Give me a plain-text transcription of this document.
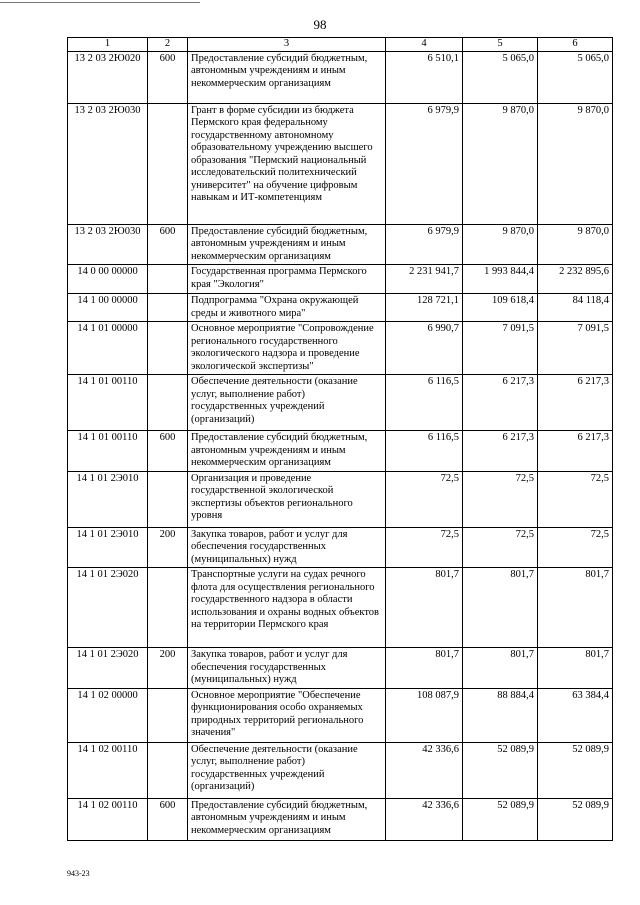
98
1	2	3	4	5	6
13 2 03 2Ю020	600	Предоставление субсидий бюджетным, автономным учреждениям и иным некоммерческим организациям	6 510,1	5 065,0	5 065,0
13 2 03 2Ю030		Грант в форме субсидии из бюджета Пермского края федеральному государственному автономному образовательному учреждению высшего образования "Пермский национальный исследовательский политехнический университет" на обучение цифровым навыкам и ИТ-компетенциям	6 979,9	9 870,0	9 870,0
13 2 03 2Ю030	600	Предоставление субсидий бюджетным, автономным учреждениям и иным некоммерческим организациям	6 979,9	9 870,0	9 870,0
14 0 00 00000		Государственная программа Пермского края "Экология"	2 231 941,7	1 993 844,4	2 232 895,6
14 1 00 00000		Подпрограмма "Охрана окружающей среды и животного мира"	128 721,1	109 618,4	84 118,4
14 1 01 00000		Основное мероприятие "Сопровождение регионального государственного экологического надзора и проведение экологической экспертизы"	6 990,7	7 091,5	7 091,5
14 1 01 00110		Обеспечение деятельности (оказание услуг, выполнение работ) государственных учреждений (организаций)	6 116,5	6 217,3	6 217,3
14 1 01 00110	600	Предоставление субсидий бюджетным, автономным учреждениям и иным некоммерческим организациям	6 116,5	6 217,3	6 217,3
14 1 01 2Э010		Организация и проведение государственной экологической экспертизы объектов регионального уровня	72,5	72,5	72,5
14 1 01 2Э010	200	Закупка товаров, работ и услуг для обеспечения государственных (муниципальных) нужд	72,5	72,5	72,5
14 1 01 2Э020		Транспортные услуги на судах речного флота для осуществления регионального государственного надзора в области использования и охраны водных объектов на территории Пермского края	801,7	801,7	801,7
14 1 01 2Э020	200	Закупка товаров, работ и услуг для обеспечения государственных (муниципальных) нужд	801,7	801,7	801,7
14 1 02 00000		Основное мероприятие "Обеспечение функционирования особо охраняемых природных территорий регионального значения"	108 087,9	88 884,4	63 384,4
14 1 02 00110		Обеспечение деятельности (оказание услуг, выполнение работ) государственных учреждений (организаций)	42 336,6	52 089,9	52 089,9
14 1 02 00110	600	Предоставление субсидий бюджетным, автономным учреждениям и иным некоммерческим организациям	42 336,6	52 089,9	52 089,9
943-23
